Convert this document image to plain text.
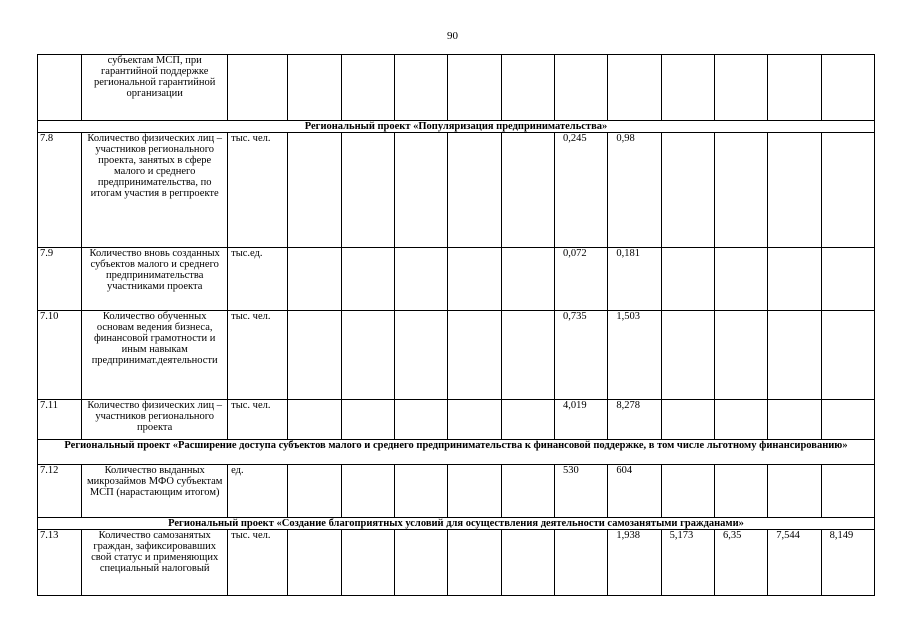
90
	субъектам МСП, при гарантийной поддержке региональной гарантийной организации												
Региональный проект «Популяризация предпринимательства»													
7.8	Количество физических лиц – участников регионального проекта, занятых в сфере малого и среднего предпринимательства, по итогам участия в регпроекте	тыс. чел.						0,245	0,98				
7.9	Количество вновь созданных субъектов малого и среднего предпринимательства участниками проекта	тыс.ед.						0,072	0,181				
7.10	Количество обученных основам ведения бизнеса, финансовой грамотности и иным навыкам предпринимат.деятельности	тыс. чел.						0,735	1,503				
7.11	Количество физических лиц – участников регионального проекта	тыс. чел.						4,019	8,278				
Региональный проект «Расширение доступа субъектов малого и среднего предпринимательства к финансовой поддержке, в том числе льготному финансированию»													
7.12	Количество выданных микрозаймов МФО субъектам МСП (нарастающим итогом)	ед.						530	604				
Региональный проект «Создание благоприятных условий для осуществления деятельности самозанятыми гражданами»													
7.13	Количество самозанятых граждан, зафиксировавших свой статус и применяющих специальный налоговый	тыс. чел.							1,938	5,173	6,35	7,544	8,149
